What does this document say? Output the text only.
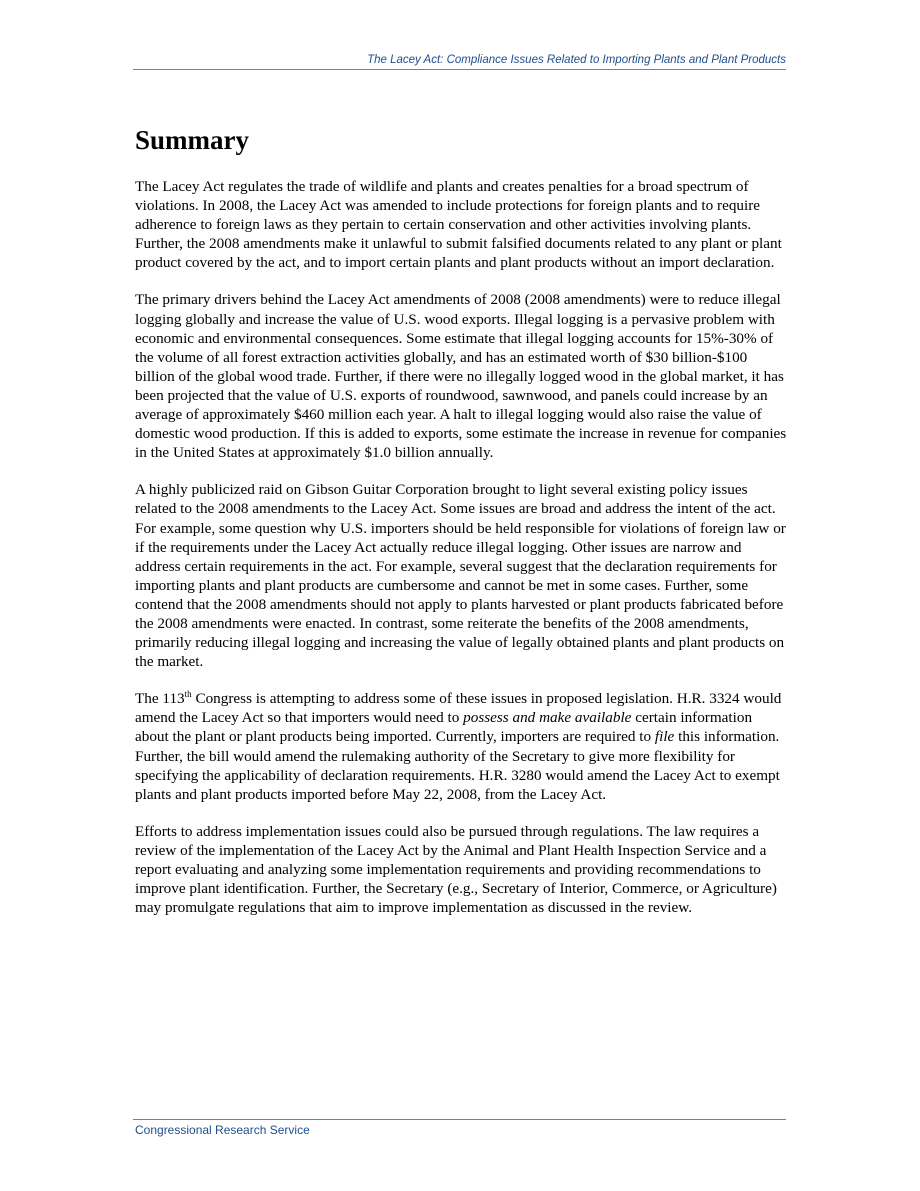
The Lacey Act: Compliance Issues Related to Importing Plants and Plant Products
Summary

The Lacey Act regulates the trade of wildlife and plants and creates penalties for a broad spectrum of violations. In 2008, the Lacey Act was amended to include protections for foreign plants and to require adherence to foreign laws as they pertain to certain conservation and other activities involving plants. Further, the 2008 amendments make it unlawful to submit falsified documents related to any plant or plant product covered by the act, and to import certain plants and plant products without an import declaration.

The primary drivers behind the Lacey Act amendments of 2008 (2008 amendments) were to reduce illegal logging globally and increase the value of U.S. wood exports. Illegal logging is a pervasive problem with economic and environmental consequences. Some estimate that illegal logging accounts for 15%-30% of the volume of all forest extraction activities globally, and has an estimated worth of $30 billion-$100 billion of the global wood trade. Further, if there were no illegally logged wood in the global market, it has been projected that the value of U.S. exports of roundwood, sawnwood, and panels could increase by an average of approximately $460 million each year. A halt to illegal logging would also raise the value of domestic wood production. If this is added to exports, some estimate the increase in revenue for companies in the United States at approximately $1.0 billion annually.

A highly publicized raid on Gibson Guitar Corporation brought to light several existing policy issues related to the 2008 amendments to the Lacey Act. Some issues are broad and address the intent of the act. For example, some question why U.S. importers should be held responsible for violations of foreign law or if the requirements under the Lacey Act actually reduce illegal logging. Other issues are narrow and address certain requirements in the act. For example, several suggest that the declaration requirements for importing plants and plant products are cumbersome and cannot be met in some cases. Further, some contend that the 2008 amendments should not apply to plants harvested or plant products fabricated before the 2008 amendments were enacted. In contrast, some reiterate the benefits of the 2008 amendments, primarily reducing illegal logging and increasing the value of legally obtained plants and plant products on the market.

The 113th Congress is attempting to address some of these issues in proposed legislation. H.R. 3324 would amend the Lacey Act so that importers would need to possess and make available certain information about the plant or plant products being imported. Currently, importers are required to file this information. Further, the bill would amend the rulemaking authority of the Secretary to give more flexibility for specifying the applicability of declaration requirements. H.R. 3280 would amend the Lacey Act to exempt plants and plant products imported before May 22, 2008, from the Lacey Act.

Efforts to address implementation issues could also be pursued through regulations. The law requires a review of the implementation of the Lacey Act by the Animal and Plant Health Inspection Service and a report evaluating and analyzing some implementation requirements and providing recommendations to improve plant identification. Further, the Secretary (e.g., Secretary of Interior, Commerce, or Agriculture) may promulgate regulations that aim to improve implementation as discussed in the review.

Congressional Research Service
